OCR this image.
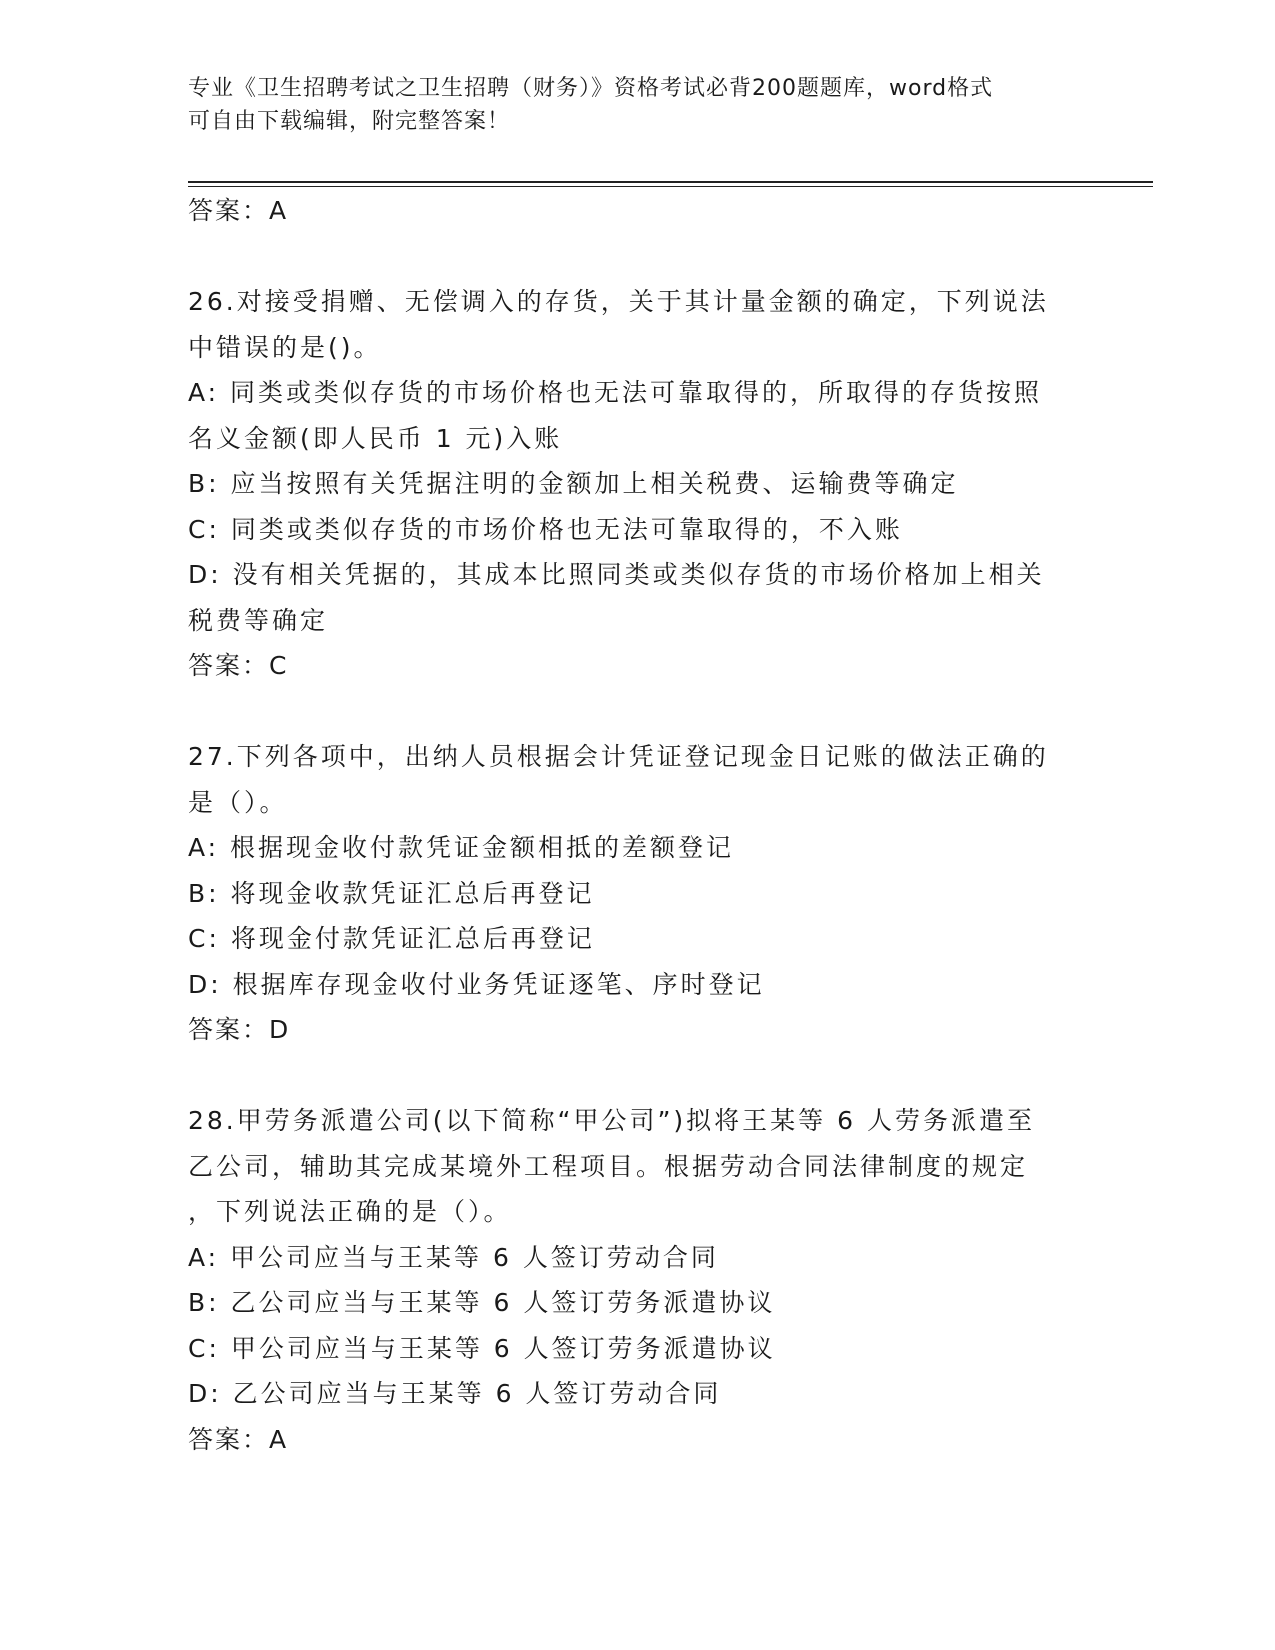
专业《卫生招聘考试之卫生招聘（财务）》资格考试必背200题题库，word格式
可自由下载编辑，附完整答案！
答案：A
26.对接受捐赠、无偿调入的存货，关于其计量金额的确定，下列说法
中错误的是()。
A: 同类或类似存货的市场价格也无法可靠取得的，所取得的存货按照
名义金额(即人民币 1 元)入账
B: 应当按照有关凭据注明的金额加上相关税费、运输费等确定
C: 同类或类似存货的市场价格也无法可靠取得的，不入账
D: 没有相关凭据的，其成本比照同类或类似存货的市场价格加上相关
税费等确定
答案：C
27.下列各项中，出纳人员根据会计凭证登记现金日记账的做法正确的
是（）。
A: 根据现金收付款凭证金额相抵的差额登记
B: 将现金收款凭证汇总后再登记
C: 将现金付款凭证汇总后再登记
D: 根据库存现金收付业务凭证逐笔、序时登记
答案：D
28.甲劳务派遣公司(以下简称“甲公司”)拟将王某等 6 人劳务派遣至
乙公司，辅助其完成某境外工程项目。根据劳动合同法律制度的规定
，下列说法正确的是（）。
A: 甲公司应当与王某等 6 人签订劳动合同
B: 乙公司应当与王某等 6 人签订劳务派遣协议
C: 甲公司应当与王某等 6 人签订劳务派遣协议
D: 乙公司应当与王某等 6 人签订劳动合同
答案：A
